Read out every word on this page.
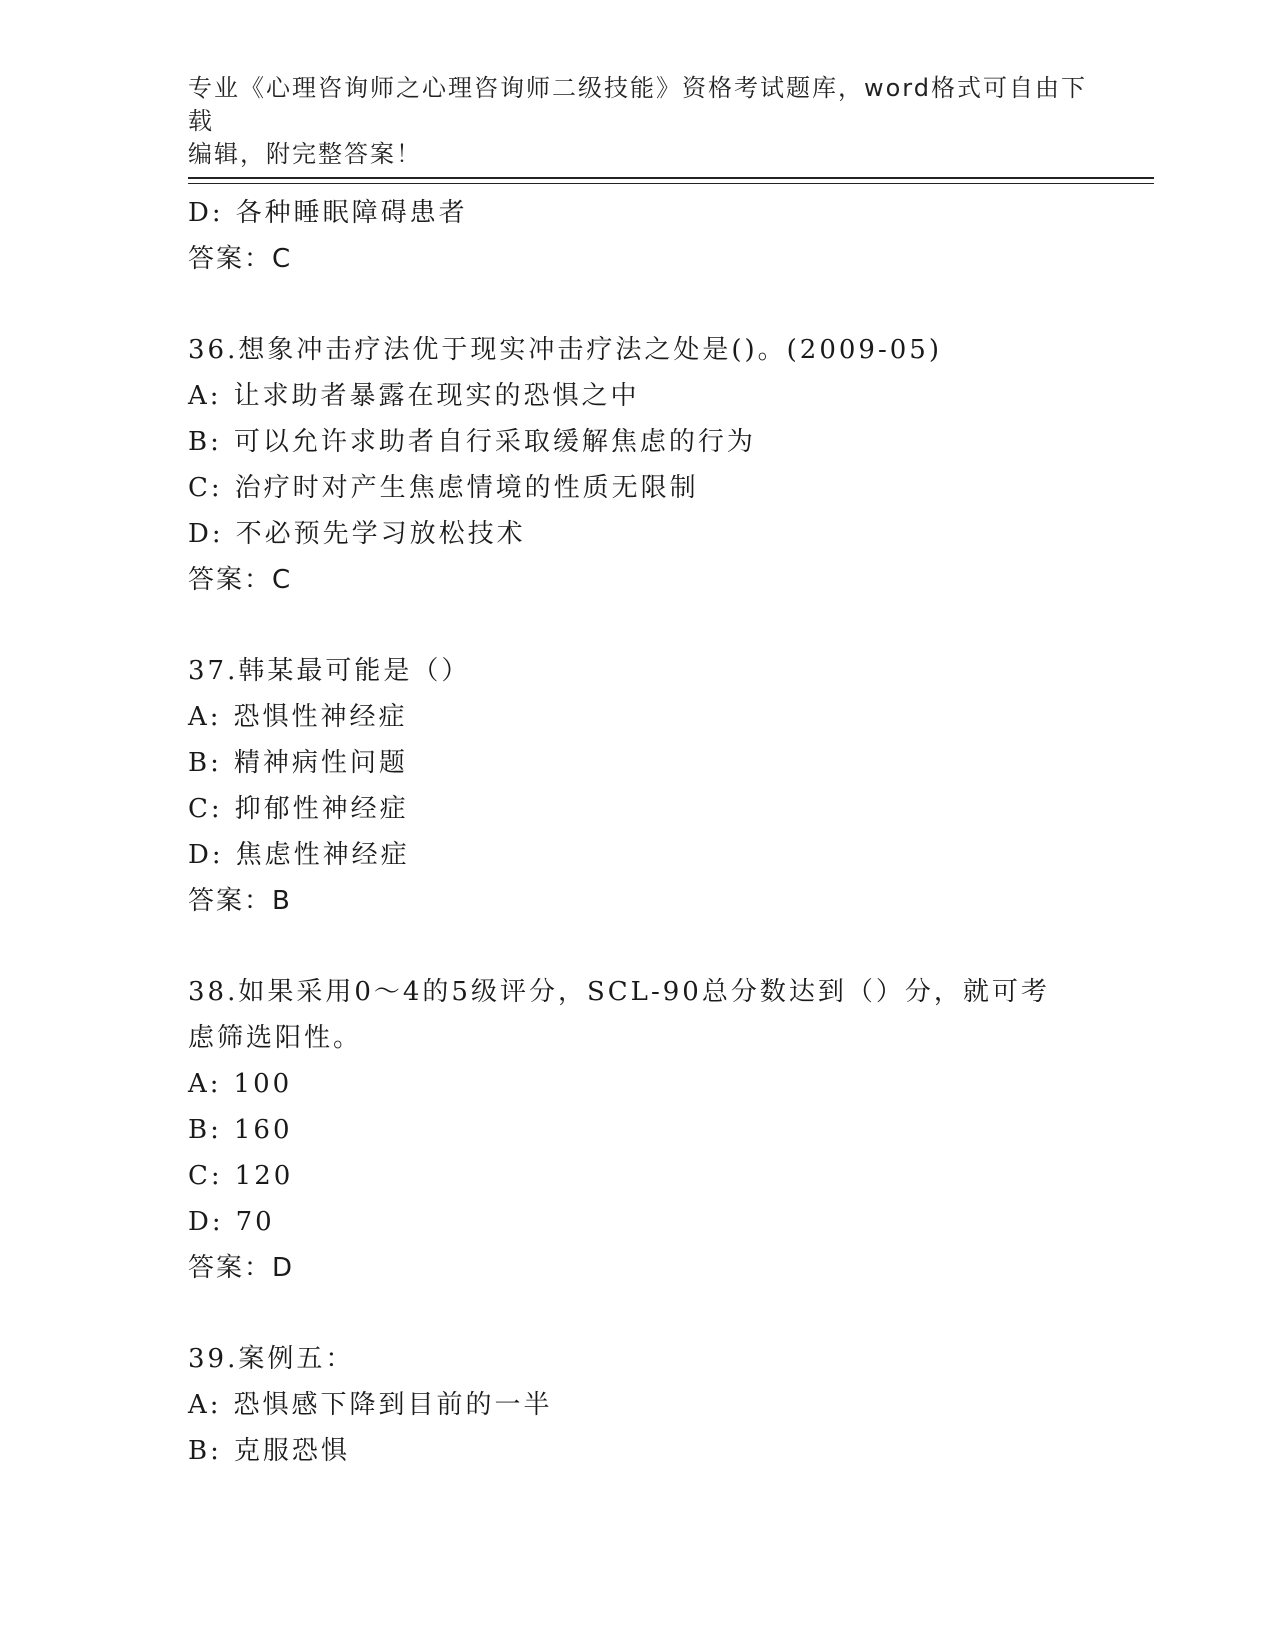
专业《心理咨询师之心理咨询师二级技能》资格考试题库，word格式可自由下载
编辑，附完整答案！
D: 各种睡眠障碍患者
答案：C
36.想象冲击疗法优于现实冲击疗法之处是()。(2009-05)
A: 让求助者暴露在现实的恐惧之中
B: 可以允许求助者自行采取缓解焦虑的行为
C: 治疗时对产生焦虑情境的性质无限制
D: 不必预先学习放松技术
答案：C
37.韩某最可能是（）
A: 恐惧性神经症
B: 精神病性问题
C: 抑郁性神经症
D: 焦虑性神经症
答案：B
38.如果采用0～4的5级评分，SCL-90总分数达到（）分，就可考虑筛选阳性。
A: 100
B: 160
C: 120
D: 70
答案：D
39.案例五：
A: 恐惧感下降到目前的一半
B: 克服恐惧
